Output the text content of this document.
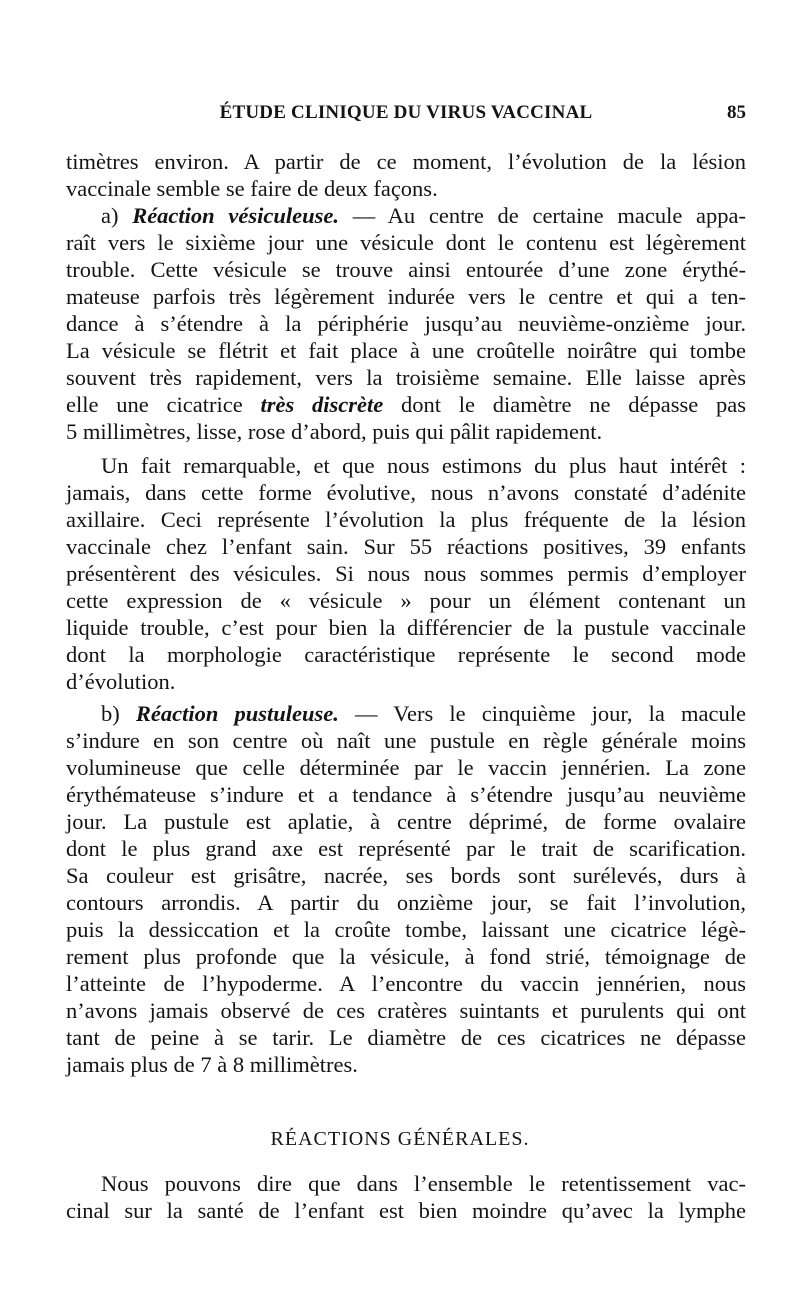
ÉTUDE CLINIQUE DU VIRUS VACCINAL	85
timètres environ. A partir de ce moment, l’évolution de la lésion
vaccinale semble se faire de deux façons.
a) Réaction vésiculeuse. — Au centre de certaine macule appa-
raît vers le sixième jour une vésicule dont le contenu est légèrement
trouble. Cette vésicule se trouve ainsi entourée d’une zone érythé-
mateuse parfois très légèrement indurée vers le centre et qui a ten-
dance à s’étendre à la périphérie jusqu’au neuvième-onzième jour.
La vésicule se flétrit et fait place à une croûtelle noirâtre qui tombe
souvent très rapidement, vers la troisième semaine. Elle laisse après
elle une cicatrice très discrète dont le diamètre ne dépasse pas
5 millimètres, lisse, rose d’abord, puis qui pâlit rapidement.
Un fait remarquable, et que nous estimons du plus haut intérêt :
jamais, dans cette forme évolutive, nous n’avons constaté d’adénite
axillaire. Ceci représente l’évolution la plus fréquente de la lésion
vaccinale chez l’enfant sain. Sur 55 réactions positives, 39 enfants
présentèrent des vésicules. Si nous nous sommes permis d’employer
cette expression de « vésicule » pour un élément contenant un
liquide trouble, c’est pour bien la différencier de la pustule vaccinale
dont la morphologie caractéristique représente le second mode
d’évolution.
b) Réaction pustuleuse. — Vers le cinquième jour, la macule
s’indure en son centre où naît une pustule en règle générale moins
volumineuse que celle déterminée par le vaccin jennérien. La zone
érythémateuse s’indure et a tendance à s’étendre jusqu’au neuvième
jour. La pustule est aplatie, à centre déprimé, de forme ovalaire
dont le plus grand axe est représenté par le trait de scarification.
Sa couleur est grisâtre, nacrée, ses bords sont surélevés, durs à
contours arrondis. A partir du onzième jour, se fait l’involution,
puis la dessiccation et la croûte tombe, laissant une cicatrice légè-
rement plus profonde que la vésicule, à fond strié, témoignage de
l’atteinte de l’hypoderme. A l’encontre du vaccin jennérien, nous
n’avons jamais observé de ces cratères suintants et purulents qui ont
tant de peine à se tarir. Le diamètre de ces cicatrices ne dépasse
jamais plus de 7 à 8 millimètres.
RÉACTIONS GÉNÉRALES.
Nous pouvons dire que dans l’ensemble le retentissement vac-
cinal sur la santé de l’enfant est bien moindre qu’avec la lymphe
